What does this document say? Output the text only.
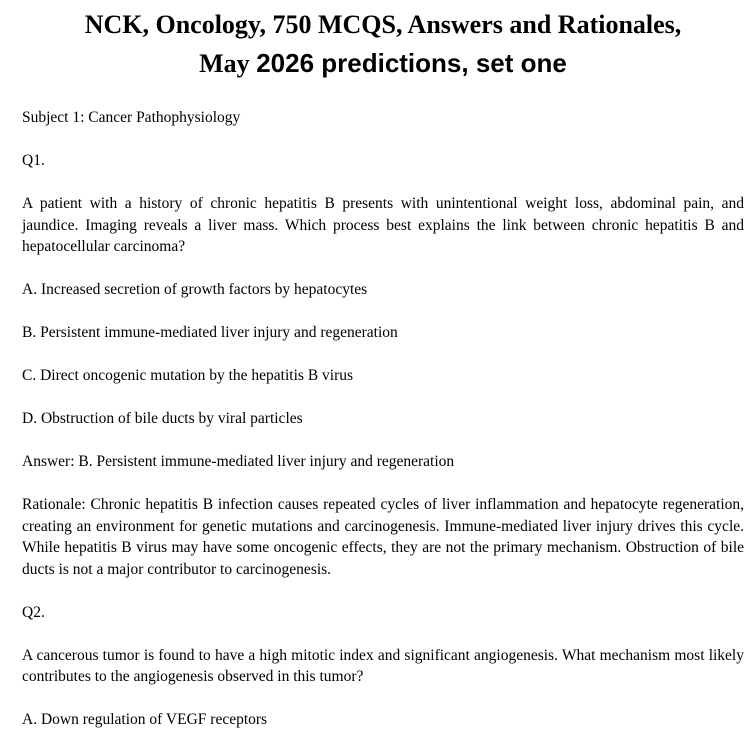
NCK, Oncology, 750 MCQS, Answers and Rationales,
May 2026 predictions, set one

Subject 1: Cancer Pathophysiology

Q1.

A patient with a history of chronic hepatitis B presents with unintentional weight loss, abdominal pain, and jaundice. Imaging reveals a liver mass. Which process best explains the link between chronic hepatitis B and hepatocellular carcinoma?

A. Increased secretion of growth factors by hepatocytes

B. Persistent immune-mediated liver injury and regeneration

C. Direct oncogenic mutation by the hepatitis B virus

D. Obstruction of bile ducts by viral particles

Answer: B. Persistent immune-mediated liver injury and regeneration

Rationale: Chronic hepatitis B infection causes repeated cycles of liver inflammation and hepatocyte regeneration, creating an environment for genetic mutations and carcinogenesis. Immune-mediated liver injury drives this cycle. While hepatitis B virus may have some oncogenic effects, they are not the primary mechanism. Obstruction of bile ducts is not a major contributor to carcinogenesis.

Q2.

A cancerous tumor is found to have a high mitotic index and significant angiogenesis. What mechanism most likely contributes to the angiogenesis observed in this tumor?

A. Down regulation of VEGF receptors
